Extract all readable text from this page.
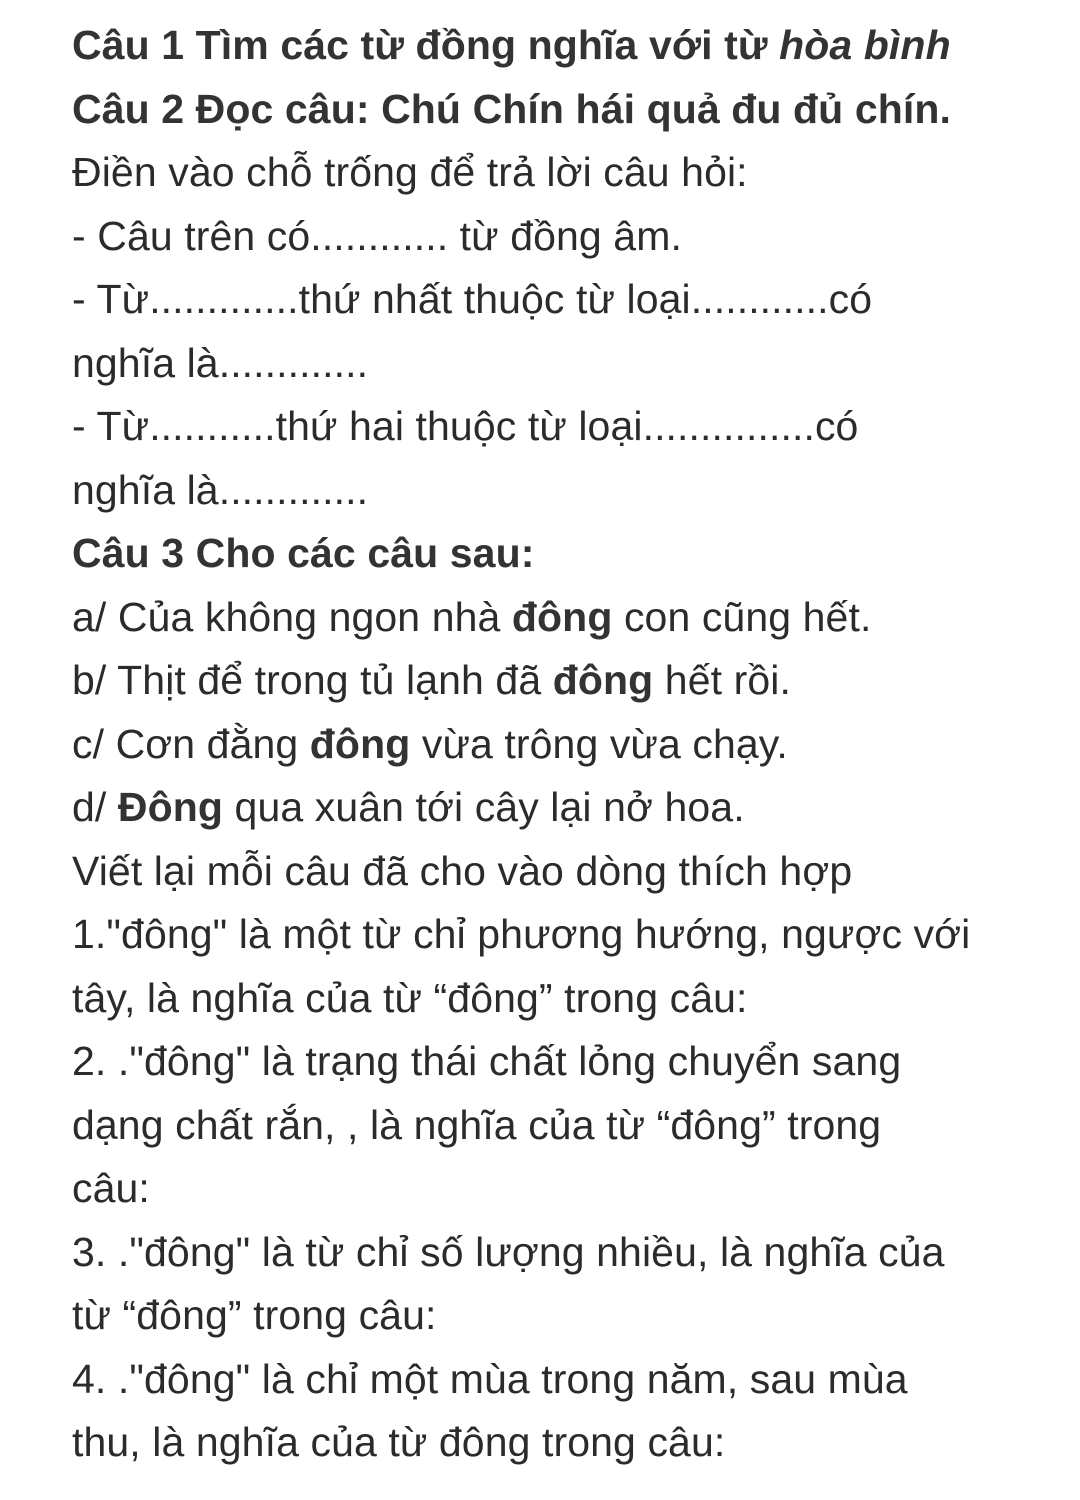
Câu 1 Tìm các từ đồng nghĩa với từ hòa bình
Câu 2 Đọc câu: Chú Chín hái quả đu đủ chín.
Điền vào chỗ trống để trả lời câu hỏi:
- Câu trên có............ từ đồng âm.
- Từ.............thứ nhất thuộc từ loại............có
nghĩa là.............
- Từ...........thứ hai thuộc từ loại...............có
nghĩa là.............
Câu 3 Cho các câu sau:
a/ Của không ngon nhà đông con cũng hết.
b/ Thịt để trong tủ lạnh đã đông hết rồi.
c/ Cơn đằng đông vừa trông vừa chạy.
d/ Đông qua xuân tới cây lại nở hoa.
Viết lại mỗi câu đã cho vào dòng thích hợp
1."đông" là một từ chỉ phương hướng, ngược với
tây, là nghĩa của từ “đông” trong câu:
2. ."đông" là trạng thái chất lỏng chuyển sang
dạng chất rắn, , là nghĩa của từ “đông” trong
câu:
3. ."đông" là từ chỉ số lượng nhiều, là nghĩa của
từ “đông” trong câu:
4. ."đông" là chỉ một mùa trong năm, sau mùa
thu, là nghĩa của từ đông trong câu:
